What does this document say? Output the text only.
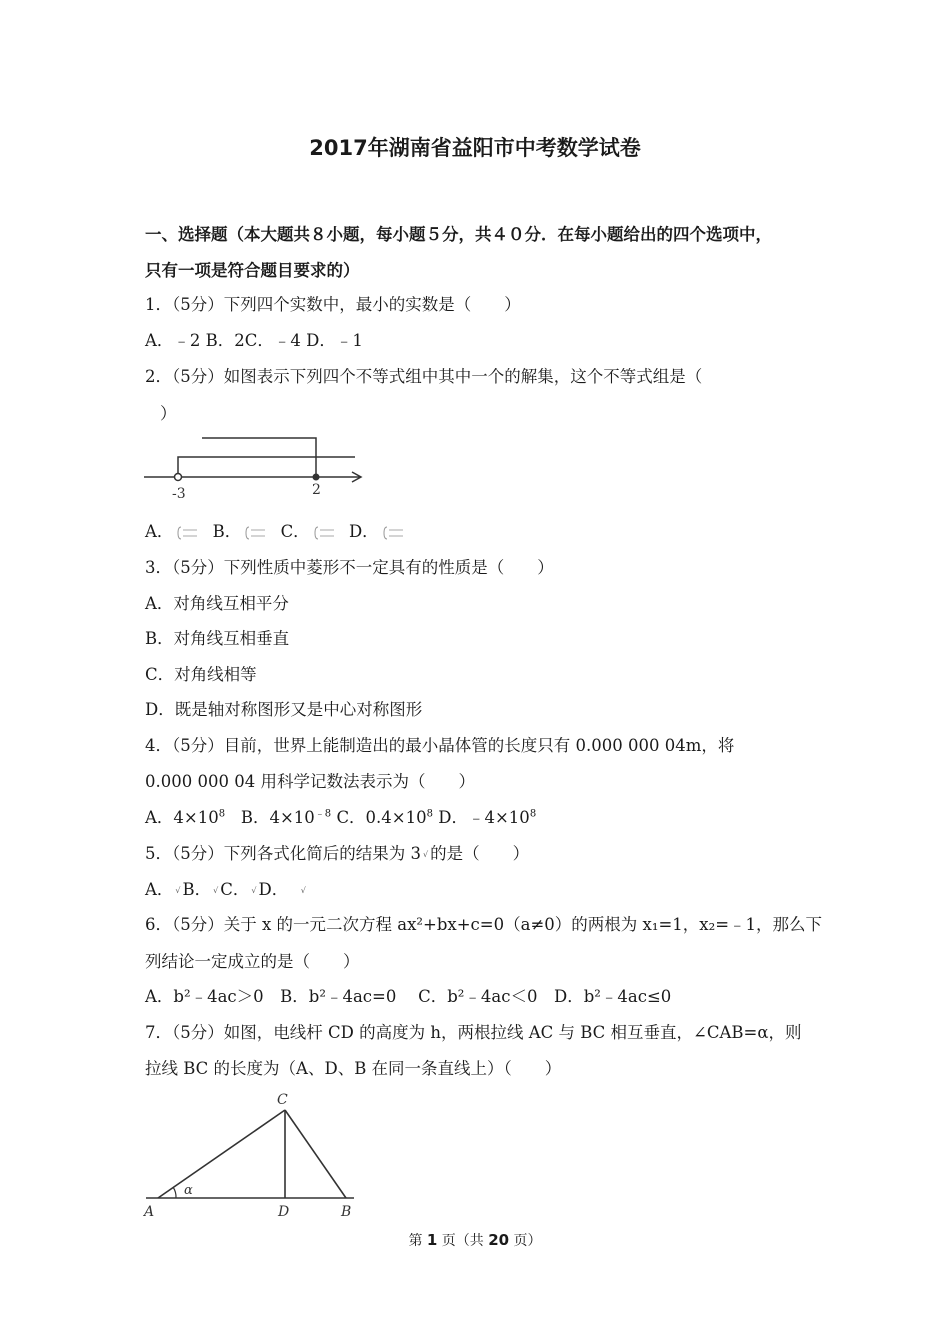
2017年湖南省益阳市中考数学试卷
一、选择题（本大题共８小题，每小题５分，共４０分．在每小题给出的四个选项中，
只有一项是符合题目要求的）
1．（5分）下列四个实数中，最小的实数是（　　）
A．﹣2 B．2C．﹣4 D．﹣1
2．（5分）如图表示下列四个不等式组中其中一个的解集，这个不等式组是（
）
-3	2
A． B． C． D．
3．（5分）下列性质中菱形不一定具有的性质是（　　）
A．对角线互相平分
B．对角线互相垂直
C．对角线相等
D．既是轴对称图形又是中心对称图形
4．（5分）目前，世界上能制造出的最小晶体管的长度只有 0.000 000 04m，将
0.000 000 04 用科学记数法表示为（　　）
A．$4\times 10^8$ B．$4\times 10^{﹣8}$ C．$0.4\times 10^8$ D．$﹣4\times 10^8$
5．（5分）下列各式化简后的结果为 3 √ 的是（　　）
A． √ B． √ C． √ D． √
6．（5分）关于 x 的一元二次方程 ax²+bx+c=0（a≠0）的两根为 x₁=1，x₂=﹣1，那么下
列结论一定成立的是（　　）
A．b²﹣4ac＞0　B．b²﹣4ac=0　 C．b²﹣4ac＜0　D．b²﹣4ac≤0
7．（5分）如图，电线杆 CD 的高度为 h，两根拉线 AC 与 BC 相互垂直，∠CAB=α，则
拉线 BC 的长度为（A、D、B 在同一条直线上）（　　）
C
α
A	D	B
第 1 页（共 20 页）
